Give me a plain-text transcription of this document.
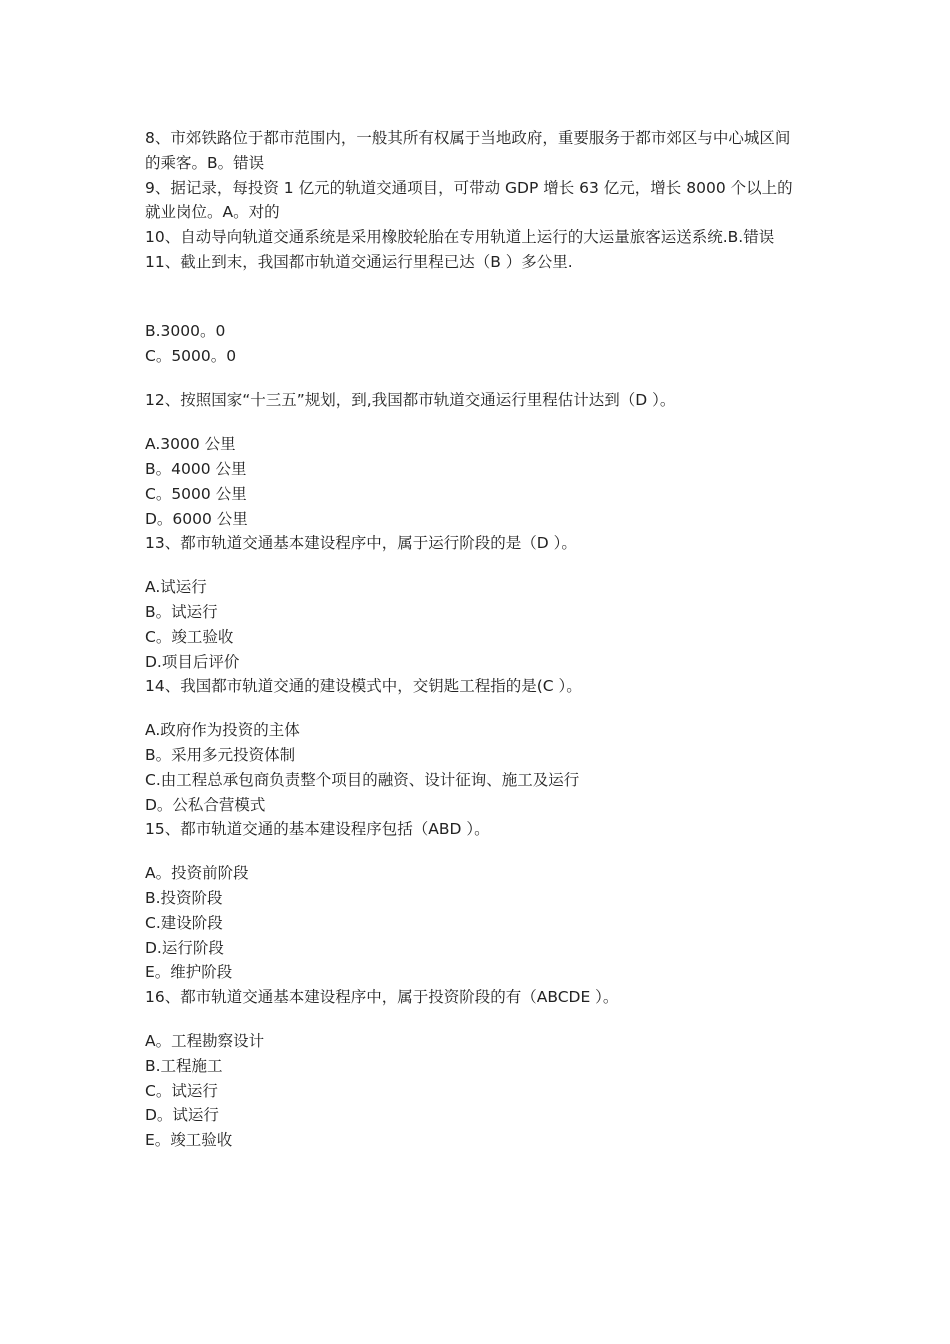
8、市郊铁路位于都市范围内，一般其所有权属于当地政府，重要服务于都市郊区与中心城区间的乘客。B。错误

9、据记录，每投资 1 亿元的轨道交通项目，可带动 GDP 增长 63 亿元，增长 8000 个以上的就业岗位。A。对的

10、自动导向轨道交通系统是采用橡胶轮胎在专用轨道上运行的大运量旅客运送系统.B.错误

11、截止到末，我国都市轨道交通运行里程已达（B ）多公里.

B.3000。0

C。5000。0

12、按照国家“十三五”规划，到,我国都市轨道交通运行里程估计达到（D ）。

A.3000 公里

B。4000 公里

C。5000 公里

D。6000 公里

13、都市轨道交通基本建设程序中，属于运行阶段的是（D ）。

A.试运行

B。试运行

C。竣工验收

D.项目后评价

14、我国都市轨道交通的建设模式中，交钥匙工程指的是(C ）。

A.政府作为投资的主体

B。采用多元投资体制

C.由工程总承包商负责整个项目的融资、设计征询、施工及运行

D。公私合营模式

15、都市轨道交通的基本建设程序包括（ABD ）。

A。投资前阶段

B.投资阶段

C.建设阶段

D.运行阶段

E。维护阶段

16、都市轨道交通基本建设程序中，属于投资阶段的有（ABCDE ）。

A。工程勘察设计

B.工程施工

C。试运行

D。试运行

E。竣工验收
